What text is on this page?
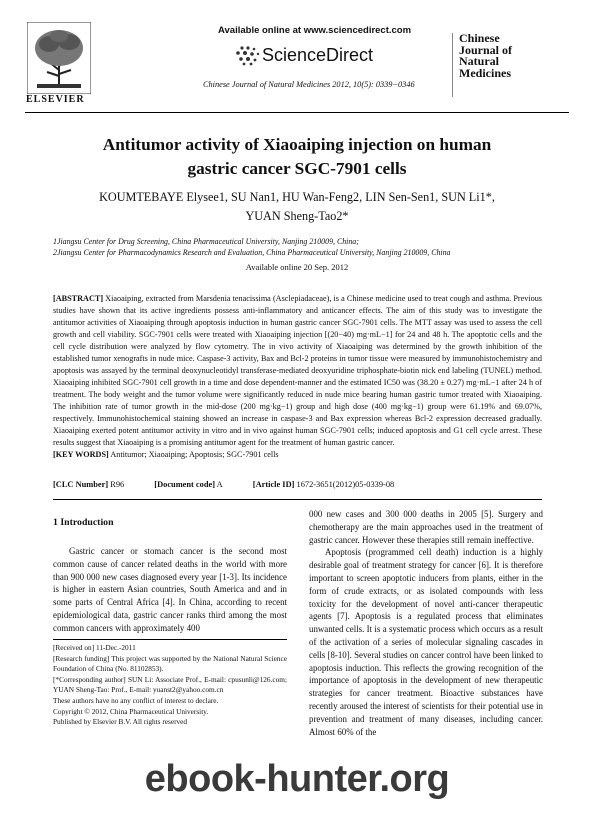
ELSEVIER
Available online at www.sciencedirect.com
ScienceDirect
Chinese Journal of Natural Medicines 2012, 10(5): 0339−0346
Chinese
Journal of
Natural
Medicines
Antitumor activity of Xiaoaiping injection on human
gastric cancer SGC-7901 cells
KOUMTEBAYE Elysee1, SU Nan1, HU Wan-Feng2, LIN Sen-Sen1, SUN Li1*,
YUAN Sheng-Tao2*
1Jiangsu Center for Drug Screening, China Pharmaceutical University, Nanjing 210009, China;
2Jiangsu Center for Pharmacodynamics Research and Evaluation, China Pharmaceutical University, Nanjing 210009, China
Available online 20 Sep. 2012
[ABSTRACT] Xiaoaiping, extracted from Marsdenia tenacissima (Asclepiadaceae), is a Chinese medicine used to treat cough and asthma. Previous studies have shown that its active ingredients possess anti-inflammatory and anticancer effects. The aim of this study was to investigate the antitumor activities of Xiaoaiping through apoptosis induction in human gastric cancer SGC-7901 cells. The MTT assay was used to assess the cell growth and cell viability. SGC-7901 cells were treated with Xiaoaiping injection [(20−40) mg·mL−1] for 24 and 48 h. The apoptotic cells and the cell cycle distribution were analyzed by flow cytometry. The in vivo activity of Xiaoaiping was determined by the growth inhibition of the established tumor xenografts in nude mice. Caspase-3 activity, Bax and Bcl-2 proteins in tumor tissue were measured by immunohistochemistry and apoptosis was assayed by the terminal deoxynucleotidyl transferase-mediated deoxyuridine triphosphate-biotin nick end labeling (TUNEL) method. Xiaoaiping inhibited SGC-7901 cell growth in a time and dose dependent-manner and the estimated IC50 was (38.20 ± 0.27) mg·mL−1 after 24 h of treatment. The body weight and the tumor volume were significantly reduced in nude mice bearing human gastric tumor treated with Xiaoaiping. The inhibition rate of tumor growth in the mid-dose (200 mg·kg−1) group and high dose (400 mg·kg−1) group were 61.19% and 69.07%, respectively. Immunohistochemical staining showed an increase in caspase-3 and Bax expression whereas Bcl-2 expression decreased gradually. Xiaoaiping exerted potent antitumor activity in vitro and in vivo against human SGC-7901 cells; induced apoptosis and G1 cell cycle arrest. These results suggest that Xiaoaiping is a promising antitumor agent for the treatment of human gastric cancer.
[KEY WORDS] Antitumor; Xiaoaiping; Apoptosis; SGC-7901 cells
[CLC Number] R96	[Document code] A	[Article ID] 1672-3651(2012)05-0339-08
1 Introduction

Gastric cancer or stomach cancer is the second most common cause of cancer related deaths in the world with more than 900 000 new cases diagnosed every year [1-3]. Its incidence is higher in eastern Asian countries, South America and and in some parts of Central Africa [4]. In China, according to recent epidemiological data, gastric cancer ranks third among the most common cancers with approximately 400

[Received on] 11-Dec.-2011

[Research funding] This project was supported by the National Natural Science Foundation of China (No. 81102853).

[*Corresponding author] SUN Li: Associate Prof., E-mail: cpusunli@126.com; YUAN Sheng-Tao: Prof., E-mail: yuanst2@yahoo.com.cn

These authors have no any conflict of interest to declare.

Copyright © 2012, China Pharmaceutical University.

Published by Elsevier B.V. All rights reserved

000 new cases and 300 000 deaths in 2005 [5]. Surgery and chemotherapy are the main approaches used in the treatment of gastric cancer. However these therapies still remain ineffective.

Apoptosis (programmed cell death) induction is a highly desirable goal of treatment strategy for cancer [6]. It is therefore important to screen apoptotic inducers from plants, either in the form of crude extracts, or as isolated compounds with less toxicity for the development of novel anti-cancer therapeutic agents [7]. Apoptosis is a regulated process that eliminates unwanted cells. It is a systematic process which occurs as a result of the activation of a series of molecular signaling cascades in cells [8-10]. Several studies on cancer control have been linked to apoptosis induction. This reflects the growing recognition of the importance of apoptosis in the development of new therapeutic strategies for cancer treatment. Bioactive substances have recently aroused the interest of scientists for their potential use in prevention and treatment of many diseases, including cancer. Almost 60% of the

ebook-hunter.org
